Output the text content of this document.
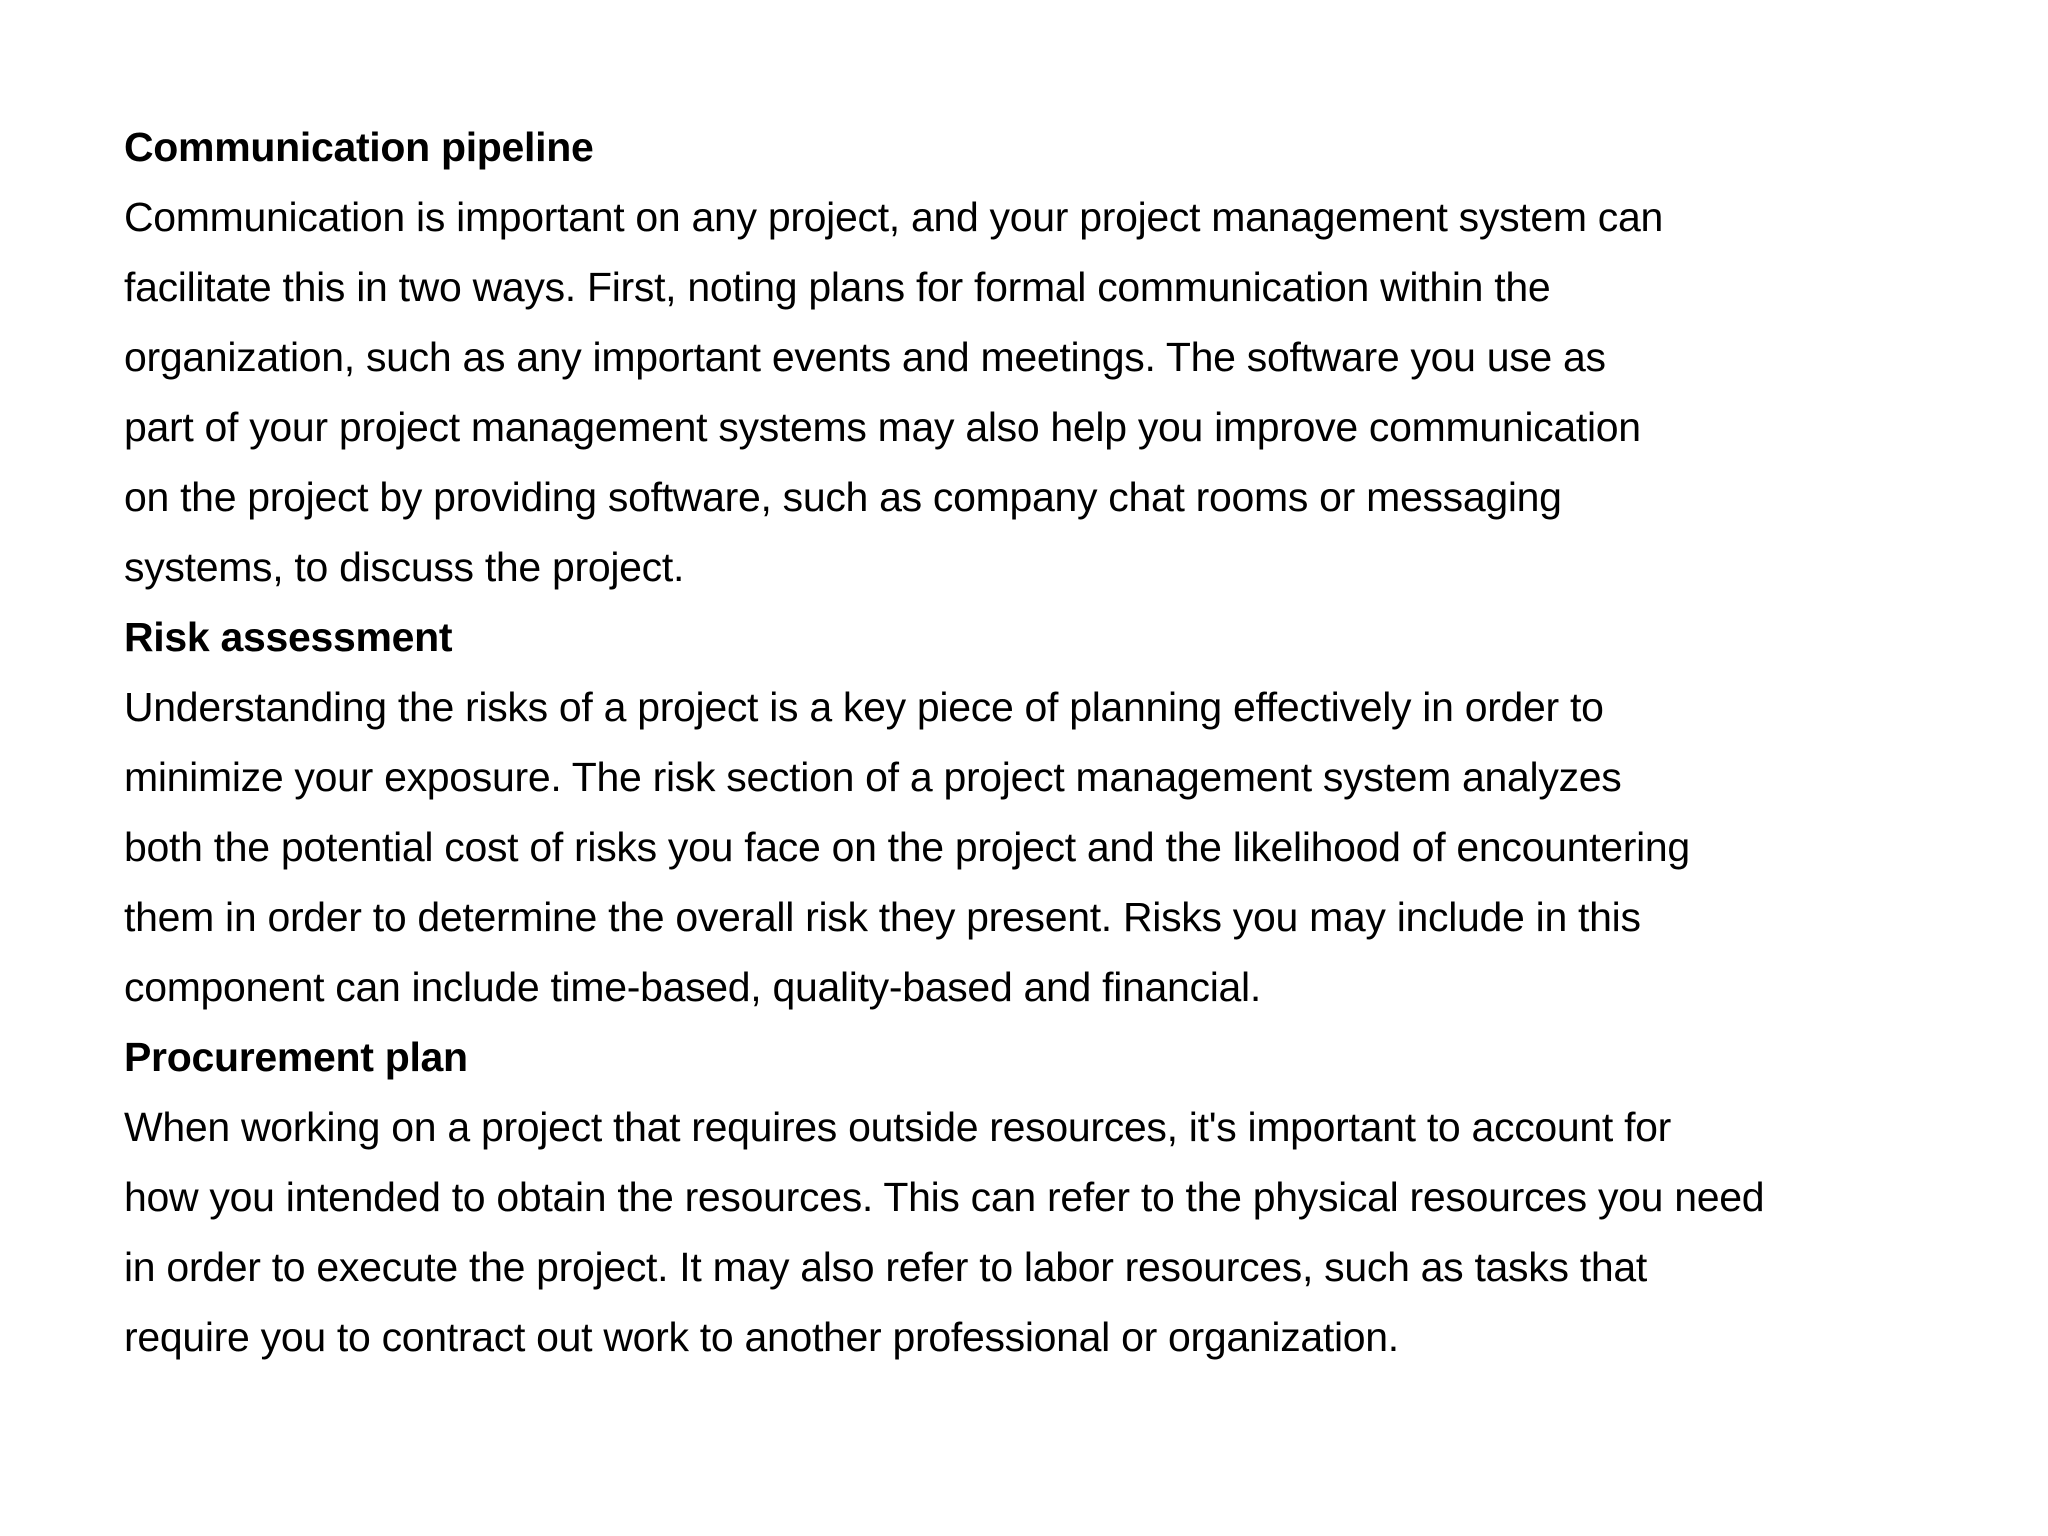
Communication pipeline
Communication is important on any project, and your project management system can
facilitate this in two ways. First, noting plans for formal communication within the
organization, such as any important events and meetings. The software you use as
part of your project management systems may also help you improve communication
on the project by providing software, such as company chat rooms or messaging
systems, to discuss the project.
Risk assessment
Understanding the risks of a project is a key piece of planning effectively in order to
minimize your exposure. The risk section of a project management system analyzes
both the potential cost of risks you face on the project and the likelihood of encountering
them in order to determine the overall risk they present. Risks you may include in this
component can include time-based, quality-based and financial.
Procurement plan
When working on a project that requires outside resources, it's important to account for
how you intended to obtain the resources. This can refer to the physical resources you need
in order to execute the project. It may also refer to labor resources, such as tasks that
require you to contract out work to another professional or organization.
